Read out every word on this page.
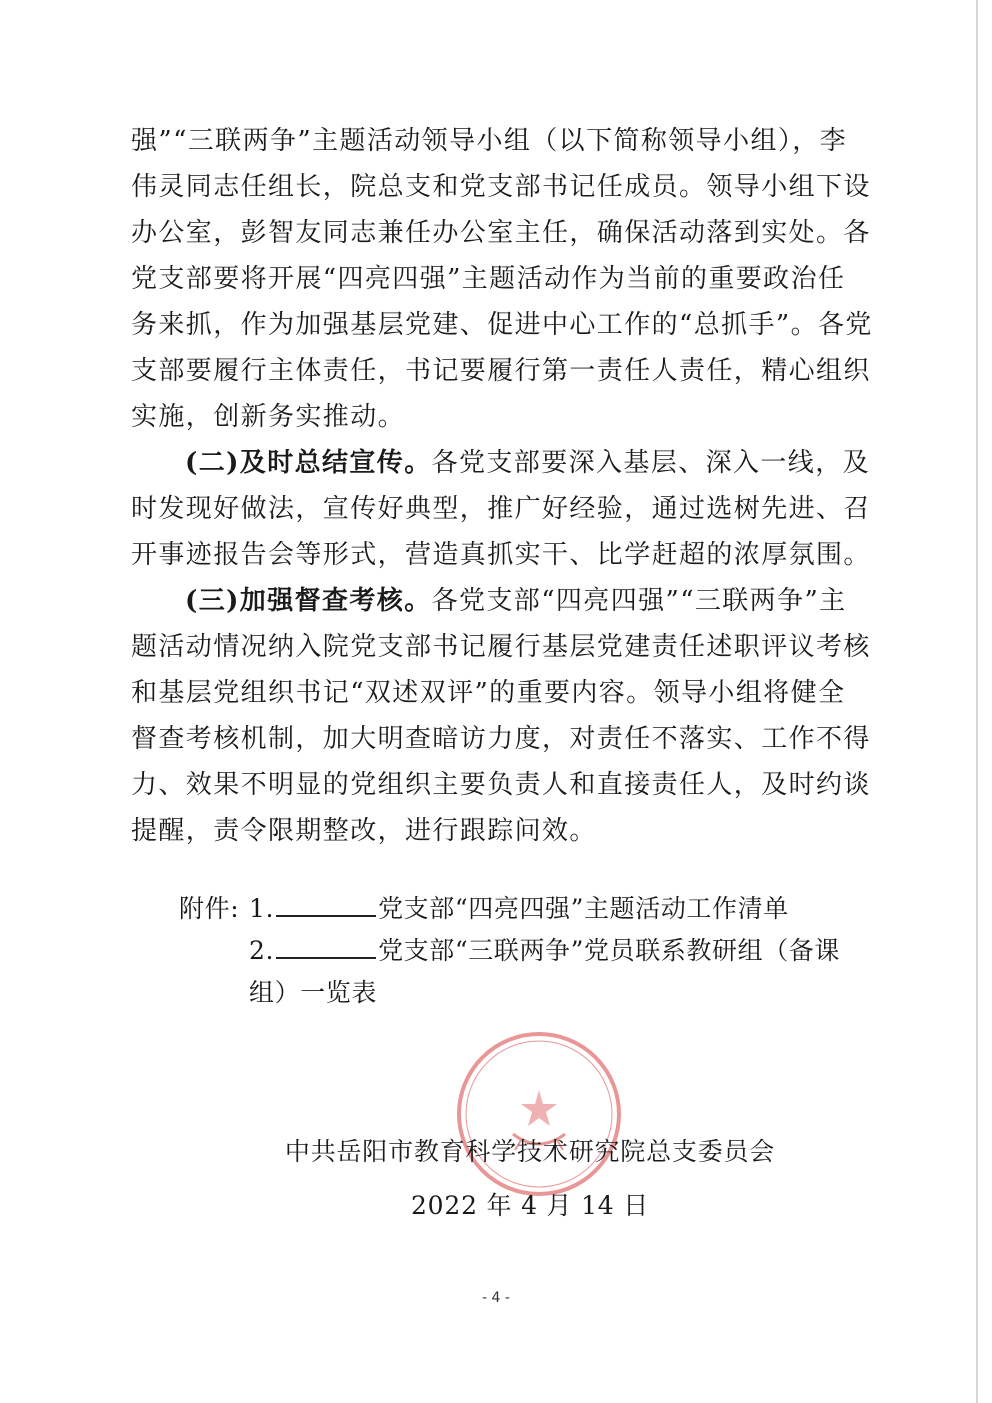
强”“三联两争”主题活动领导小组（以下简称领导小组），李
伟灵同志任组长，院总支和党支部书记任成员。领导小组下设
办公室，彭智友同志兼任办公室主任，确保活动落到实处。各
党支部要将开展“四亮四强”主题活动作为当前的重要政治任
务来抓，作为加强基层党建、促进中心工作的“总抓手”。各党
支部要履行主体责任，书记要履行第一责任人责任，精心组织
实施，创新务实推动。
(二)及时总结宣传。各党支部要深入基层、深入一线，及
时发现好做法，宣传好典型，推广好经验，通过选树先进、召
开事迹报告会等形式，营造真抓实干、比学赶超的浓厚氛围。
(三)加强督查考核。各党支部“四亮四强”“三联两争”主
题活动情况纳入院党支部书记履行基层党建责任述职评议考核
和基层党组织书记“双述双评”的重要内容。领导小组将健全
督查考核机制，加大明查暗访力度，对责任不落实、工作不得
力、效果不明显的党组织主要负责人和直接责任人，及时约谈
提醒，责令限期整改，进行跟踪问效。
附件: 1.	党支部“四亮四强”主题活动工作清单
2.	党支部“三联两争”党员联系教研组（备课
组）一览表
中共岳阳市教育科学技术研究院总支委员会
2022 年 4 月 14 日
- 4 -
